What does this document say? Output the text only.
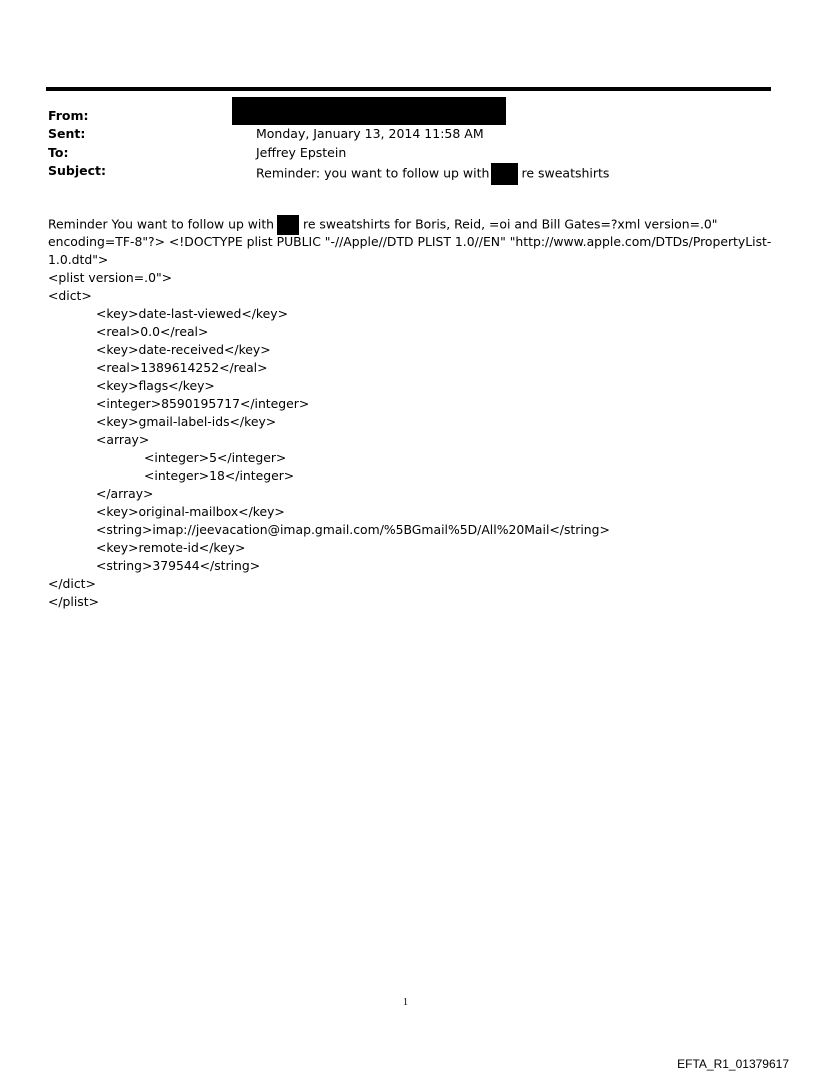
From:
Sent:	Monday, January 13, 2014 11:58 AM
To:	Jeffrey Epstein
Subject:	Reminder: you want to follow up with	re sweatshirts
Reminder You want to follow up with re sweatshirts for Boris, Reid, =oi and Bill Gates=?xml version=.0"
encoding=TF-8"?> <!DOCTYPE plist PUBLIC "-//Apple//DTD PLIST 1.0//EN" "http://www.apple.com/DTDs/PropertyList-
1.0.dtd">
<plist version=.0">
<dict>
<key>date-last-viewed</key>
<real>0.0</real>
<key>date-received</key>
<real>1389614252</real>
<key>flags</key>
<integer>8590195717</integer>
<key>gmail-label-ids</key>
<array>
<integer>5</integer>
<integer>18</integer>
</array>
<key>original-mailbox</key>
<string>imap://jeevacation@imap.gmail.com/%5BGmail%5D/All%20Mail</string>
<key>remote-id</key>
<string>379544</string>
</dict>
</plist>
1
EFTA_R1_01379617
